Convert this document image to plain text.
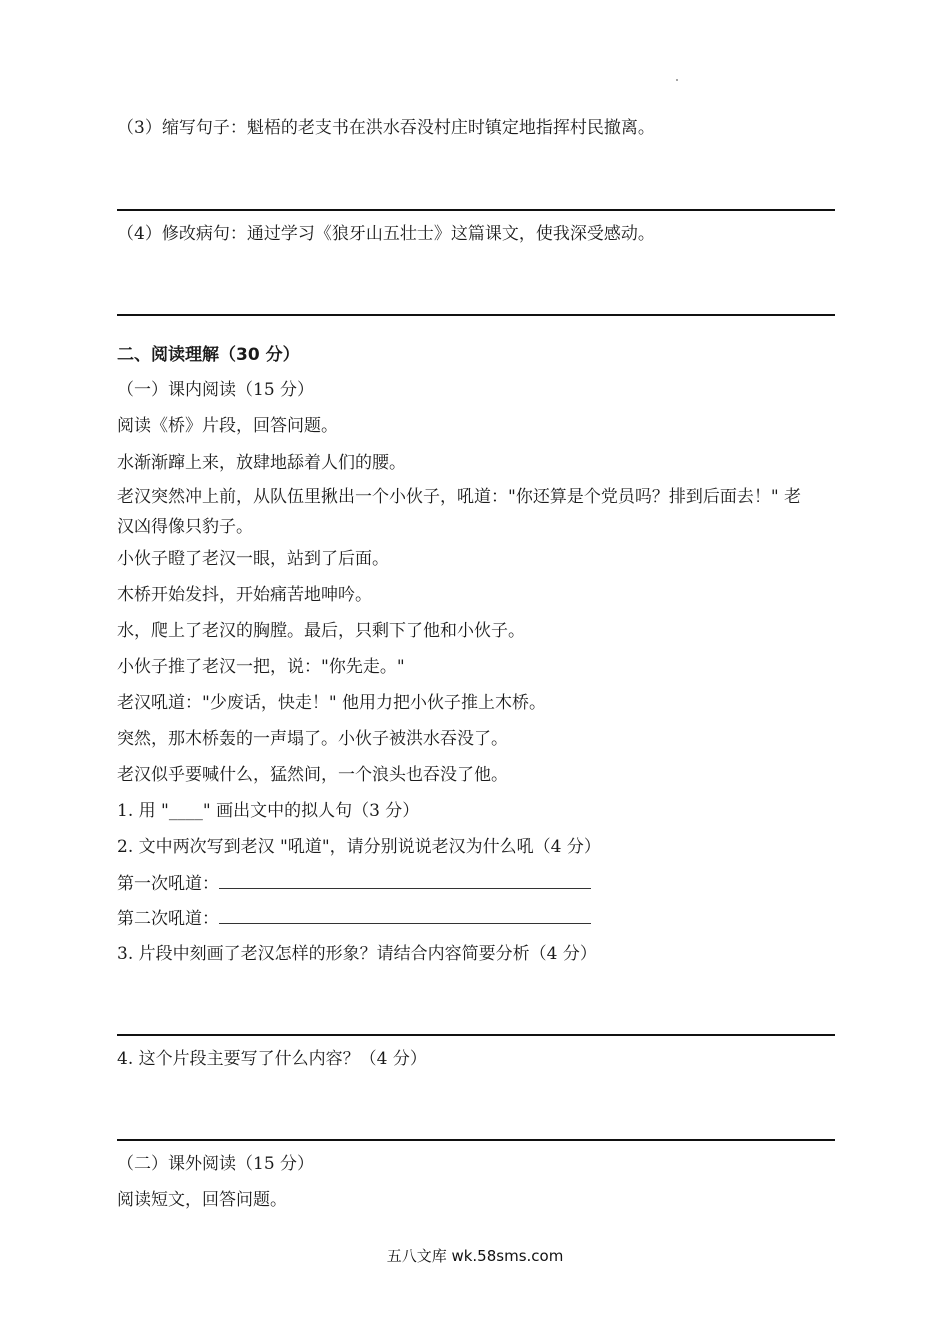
（3）缩写句子：魁梧的老支书在洪水吞没村庄时镇定地指挥村民撤离。
（4）修改病句：通过学习《狼牙山五壮士》这篇课文，使我深受感动。
二、阅读理解（30 分）
（一）课内阅读（15 分）
阅读《桥》片段，回答问题。
水渐渐蹿上来，放肆地舔着人们的腰。
老汉突然冲上前，从队伍里揪出一个小伙子，吼道："你还算是个党员吗？排到后面去！" 老汉凶得像只豹子。
小伙子瞪了老汉一眼，站到了后面。
木桥开始发抖，开始痛苦地呻吟。
水，爬上了老汉的胸膛。最后，只剩下了他和小伙子。
小伙子推了老汉一把，说："你先走。"
老汉吼道："少废话，快走！" 他用力把小伙子推上木桥。
突然，那木桥轰的一声塌了。小伙子被洪水吞没了。
老汉似乎要喊什么，猛然间，一个浪头也吞没了他。
1. 用 "____" 画出文中的拟人句（3 分）
2. 文中两次写到老汉 "吼道"，请分别说说老汉为什么吼（4 分）
第一次吼道：
第二次吼道：
3. 片段中刻画了老汉怎样的形象？请结合内容简要分析（4 分）
4. 这个片段主要写了什么内容？（4 分）
（二）课外阅读（15 分）
阅读短文，回答问题。
五八文库 wk.58sms.com
